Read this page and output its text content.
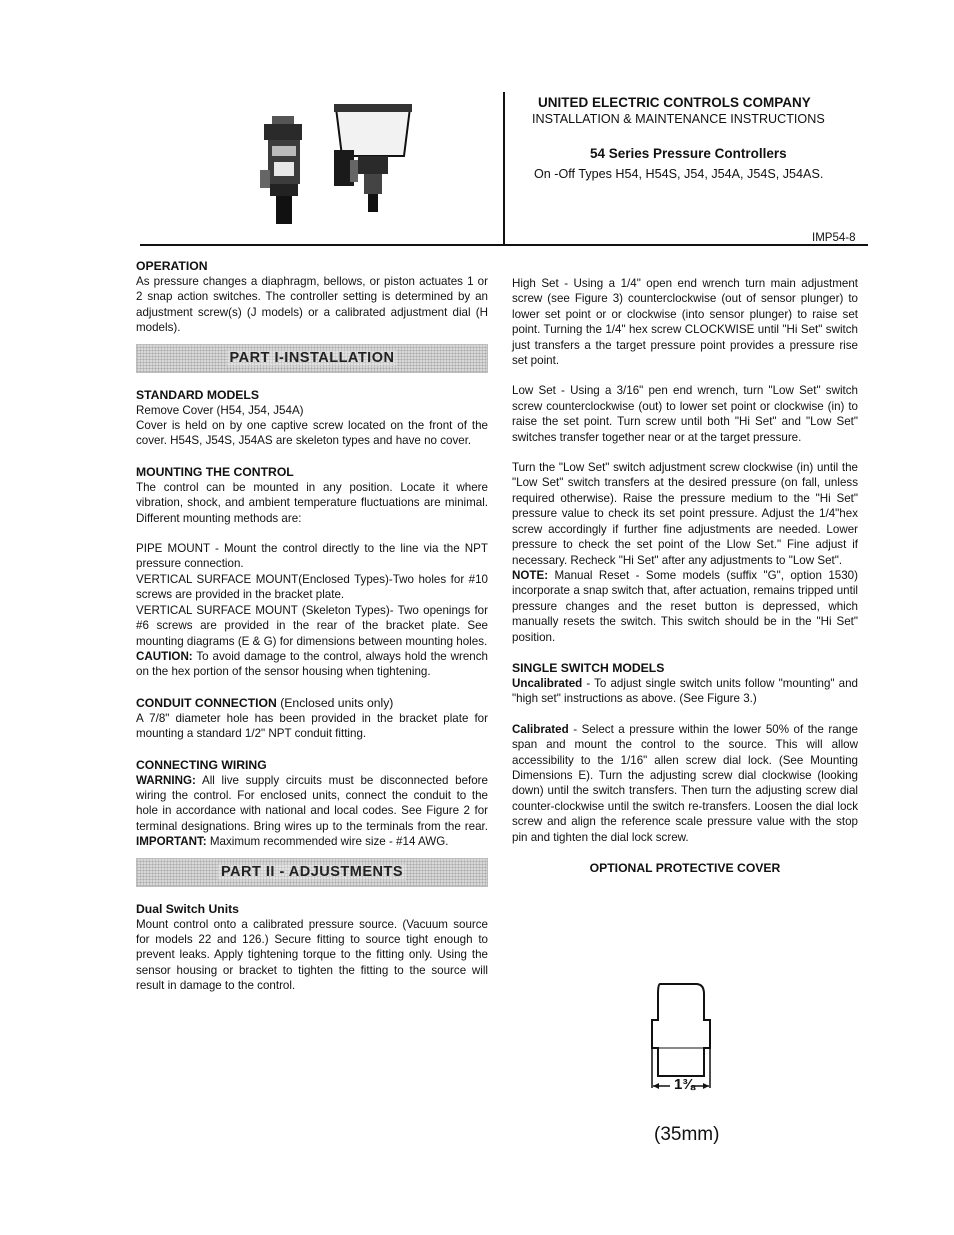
UNITED ELECTRIC CONTROLS COMPANY
INSTALLATION & MAINTENANCE INSTRUCTIONS
54 Series Pressure Controllers
On -Off Types H54, H54S, J54, J54A, J54S, J54AS.
IMP54-8
OPERATION

As pressure changes a diaphragm, bellows, or piston actuates 1 or 2 snap action switches. The controller setting is determined by an adjustment screw(s) (J models) or a calibrated adjustment dial (H models).

PART I-INSTALLATION
STANDARD MODELS

Remove Cover (H54, J54, J54A)

Cover is held on by one captive screw located on the front of the cover. H54S, J54S, J54AS are skeleton types and have no cover.

MOUNTING THE CONTROL

The control can be mounted in any position. Locate it where vibration, shock, and ambient temperature fluctuations are minimal. Different mounting methods are:

PIPE MOUNT - Mount the control directly to the line via the NPT pressure connection.

VERTICAL SURFACE MOUNT(Enclosed Types)-Two holes for #10 screws are provided in the bracket plate.

VERTICAL SURFACE MOUNT (Skeleton Types)- Two openings for #6 screws are provided in the rear of the bracket plate. See mounting diagrams (E & G) for dimensions between mounting holes.

CAUTION: To avoid damage to the control, always hold the wrench on the hex portion of the sensor housing when tightening.

CONDUIT CONNECTION (Enclosed units only)

A 7/8" diameter hole has been provided in the bracket plate for mounting a standard 1/2" NPT conduit fitting.

CONNECTING WIRING

WARNING: All live supply circuits must be disconnected before wiring the control. For enclosed units, connect the conduit to the hole in accordance with national and local codes. See Figure 2 for terminal designations. Bring wires up to the terminals from the rear. IMPORTANT: Maximum recommended wire size - #14 AWG.

PART II - ADJUSTMENTS
Dual Switch Units

Mount control onto a calibrated pressure source. (Vacuum source for models 22 and 126.) Secure fitting to source tight enough to prevent leaks. Apply tightening torque to the fitting only. Using the sensor housing or bracket to tighten the fitting to the source will result in damage to the control.

High Set - Using a 1/4" open end wrench turn main adjustment screw (see Figure 3) counterclockwise (out of sensor plunger) to lower set point or or clockwise (into sensor plunger) to raise set point. Turning the 1/4" hex screw CLOCKWISE until "Hi Set" switch just transfers a the target pressure point provides a pressure rise set point.

Low Set - Using a 3/16" pen end wrench, turn "Low Set" switch screw counterclockwise (out) to lower set point or clockwise (in) to raise the set point. Turn screw until both "Hi Set" and "Low Set" switches transfer together near or at the target pressure.

Turn the "Low Set" switch adjustment screw clockwise (in) until the "Low Set" switch transfers at the desired pressure (on fall, unless required otherwise). Raise the pressure medium to the "Hi Set" pressure value to check its set point pressure. Adjust the 1/4"hex screw accordingly if further fine adjustments are needed. Lower pressure to check the set point of the Llow Set." Fine adjust if necessary. Recheck "Hi Set" after any adjustments to "Low Set".

NOTE: Manual Reset - Some models (suffix "G", option 1530) incorporate a snap switch that, after actuation, remains tripped until pressure changes and the reset button is depressed, which manually resets the switch. This switch should be in the "Hi Set" position.

SINGLE SWITCH MODELS

Uncalibrated - To adjust single switch units follow "mounting" and "high set" instructions as above. (See Figure 3.)

Calibrated - Select a pressure within the lower 50% of the range span and mount the control to the source. This will allow accessibility to the 1/16" allen screw dial lock. (See Mounting Dimensions E). Turn the adjusting screw dial clockwise (looking down) until the switch transfers. Then turn the adjusting screw dial counter-clockwise until the switch re-transfers. Loosen the dial lock screw and align the reference scale pressure value with the stop pin and tighten the dial lock screw.

OPTIONAL PROTECTIVE COVER
1⅜
(35mm)
